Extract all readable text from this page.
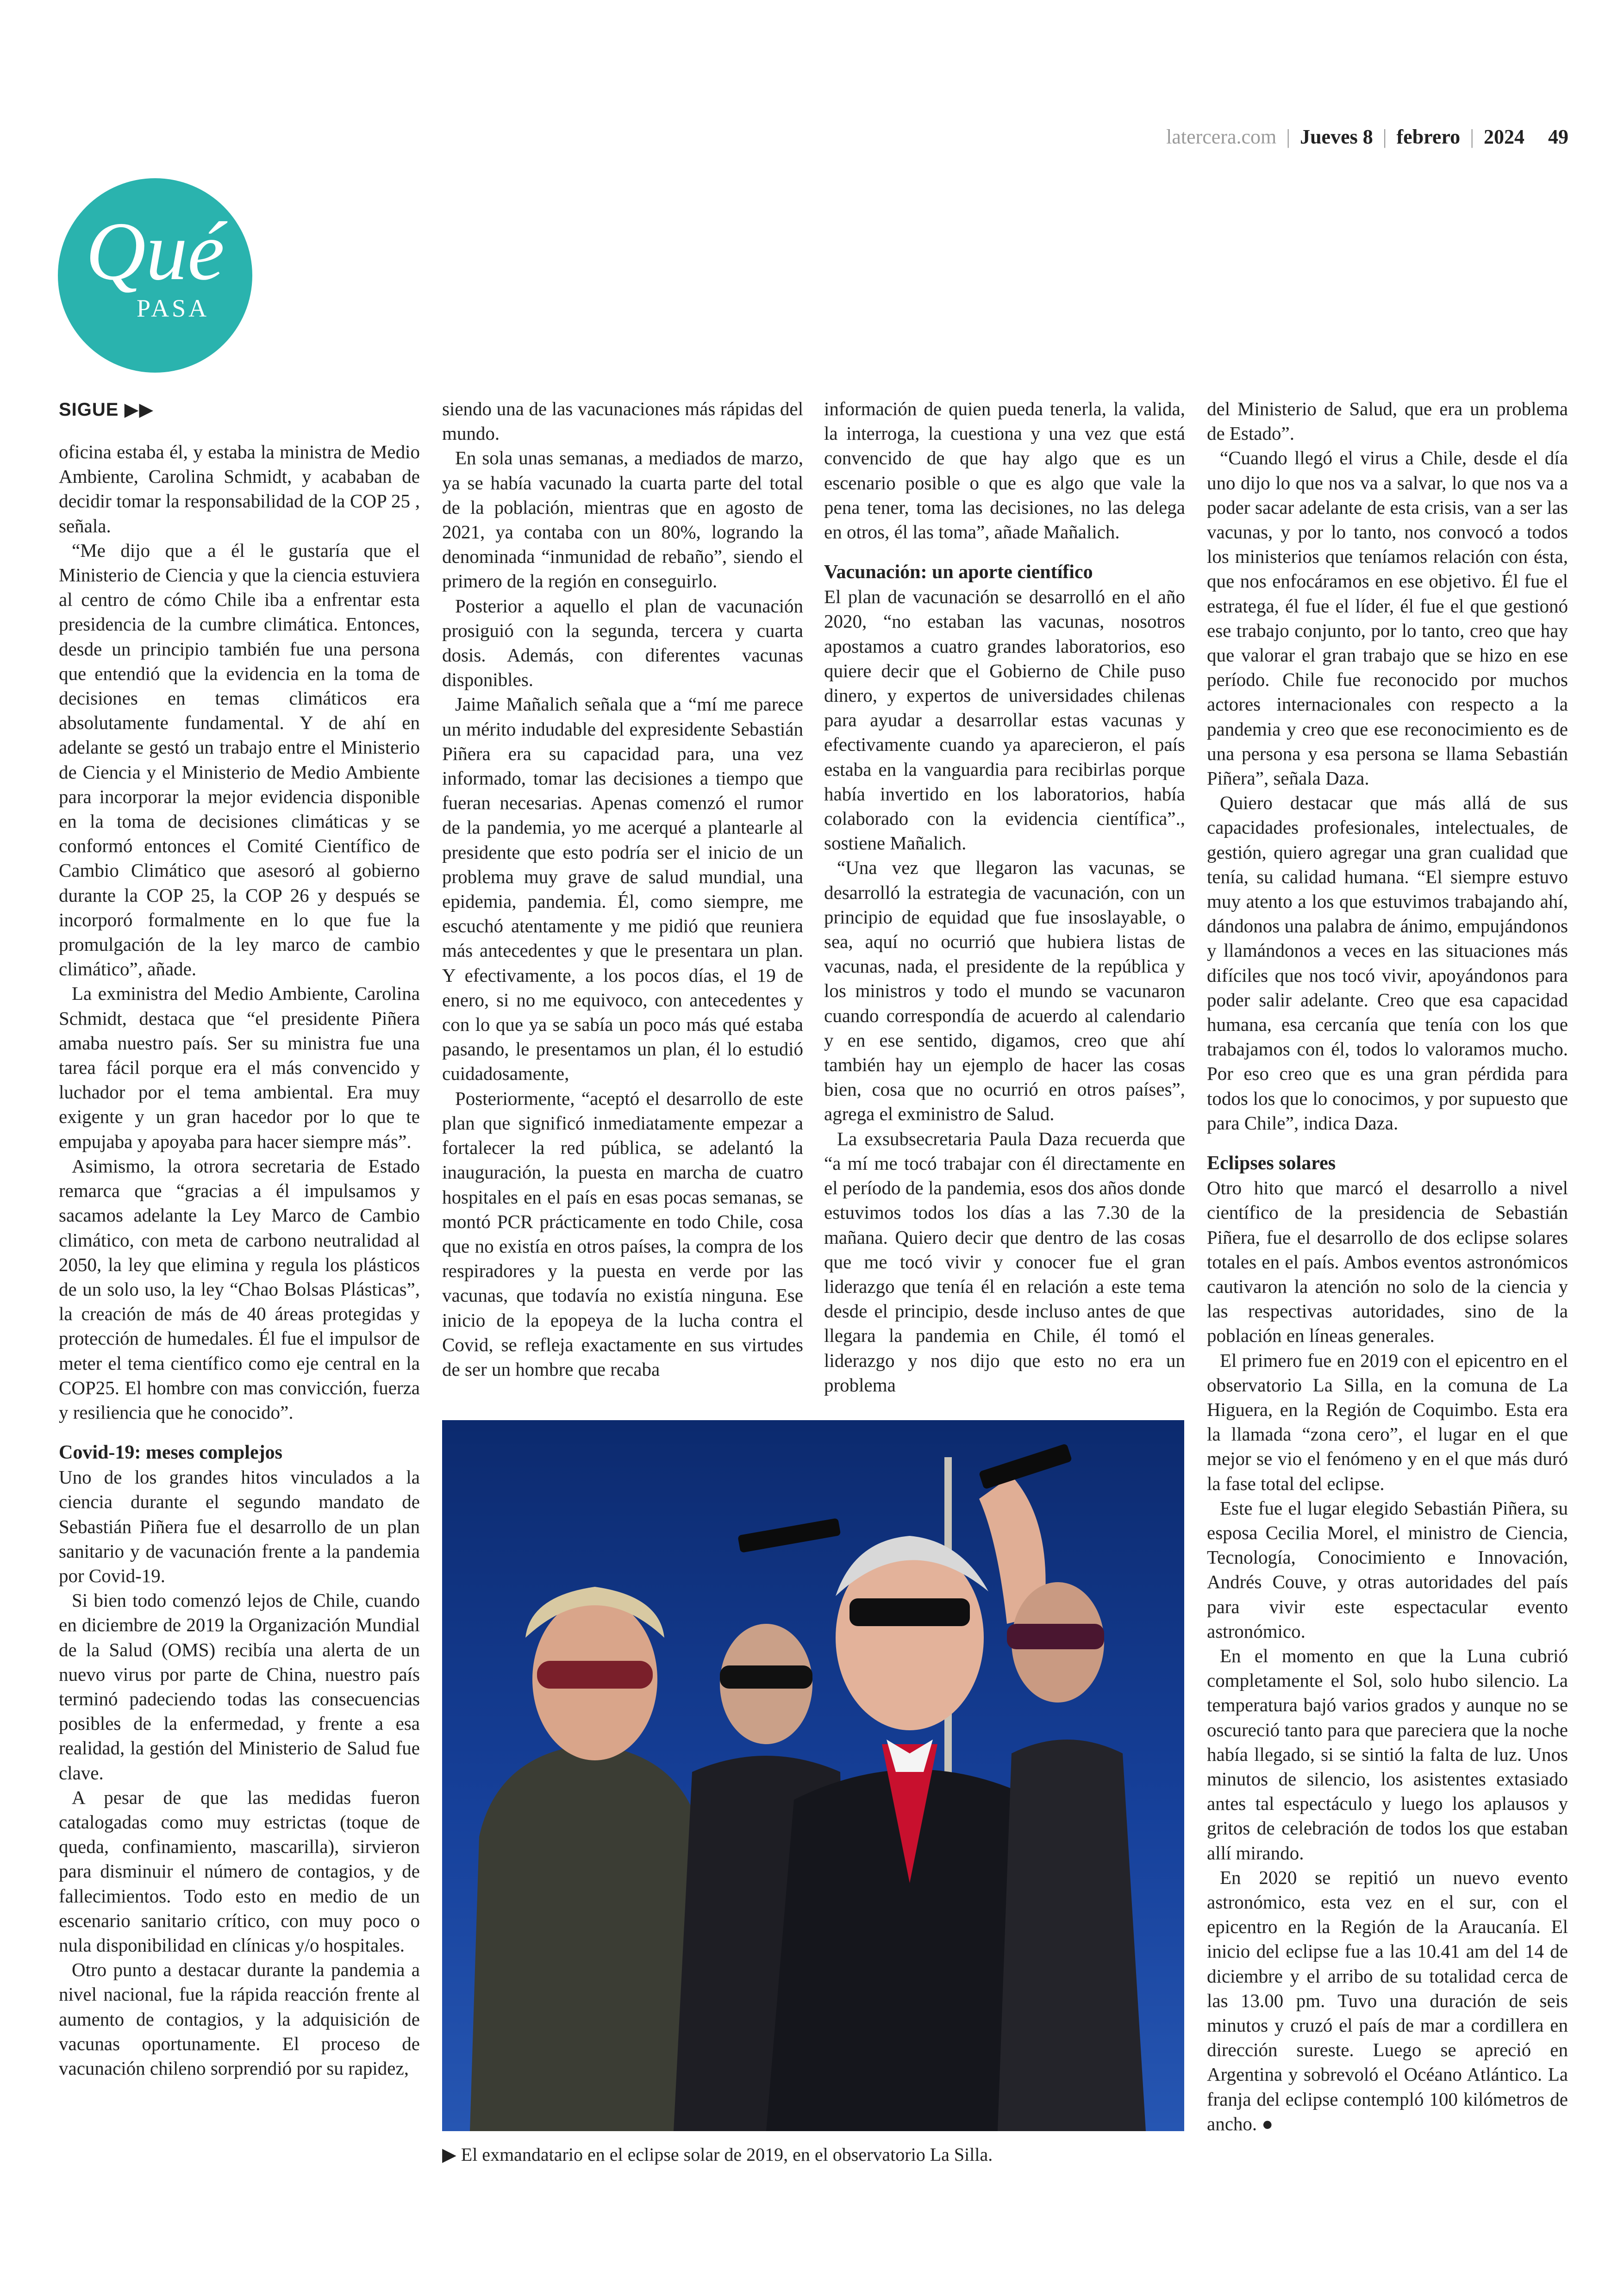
latercera.com | Jueves 8 | febrero | 2024 49
Qué
PASA
SIGUE ▶▶

oficina estaba él, y estaba la ministra de Medio Ambiente, Carolina Schmidt, y acababan de decidir tomar la responsabilidad de la COP 25 , señala.

“Me dijo que a él le gustaría que el Ministerio de Ciencia y que la ciencia estuviera al centro de cómo Chile iba a enfrentar esta presidencia de la cumbre climática. Entonces, desde un principio también fue una persona que entendió que la evidencia en la toma de decisiones en temas climáticos era absolutamente fundamental. Y de ahí en adelante se gestó un trabajo entre el Ministerio de Ciencia y el Ministerio de Medio Ambiente para incorporar la mejor evidencia disponible en la toma de decisiones climáticas y se conformó entonces el Comité Científico de Cambio Climático que asesoró al gobierno durante la COP 25, la COP 26 y después se incorporó formalmente en lo que fue la promulgación de la ley marco de cambio climático”, añade.

La exministra del Medio Ambiente, Carolina Schmidt, destaca que “el presidente Piñera amaba nuestro país. Ser su ministra fue una tarea fácil porque era el más convencido y luchador por el tema ambiental. Era muy exigente y un gran hacedor por lo que te empujaba y apoyaba para hacer siempre más”.

Asimismo, la otrora secretaria de Estado remarca que “gracias a él impulsamos y sacamos adelante la Ley Marco de Cambio climático, con meta de carbono neutralidad al 2050, la ley que elimina y regula los plásticos de un solo uso, la ley “Chao Bolsas Plásticas”, la creación de más de 40 áreas protegidas y protección de humedales. Él fue el impulsor de meter el tema científico como eje central en la COP25. El hombre con mas convicción, fuerza y resiliencia que he conocido”.

Covid-19: meses complejos

Uno de los grandes hitos vinculados a la ciencia durante el segundo mandato de Sebastián Piñera fue el desarrollo de un plan sanitario y de vacunación frente a la pandemia por Covid-19.

Si bien todo comenzó lejos de Chile, cuando en diciembre de 2019 la Organización Mundial de la Salud (OMS) recibía una alerta de un nuevo virus por parte de China, nuestro país terminó padeciendo todas las consecuencias posibles de la enfermedad, y frente a esa realidad, la gestión del Ministerio de Salud fue clave.

A pesar de que las medidas fueron catalogadas como muy estrictas (toque de queda, confinamiento, mascarilla), sirvieron para disminuir el número de contagios, y de fallecimientos. Todo esto en medio de un escenario sanitario crítico, con muy poco o nula disponibilidad en clínicas y/o hospitales.

Otro punto a destacar durante la pandemia a nivel nacional, fue la rápida reacción frente al aumento de contagios, y la adquisición de vacunas oportunamente. El proceso de vacunación chileno sorprendió por su rapidez,

siendo una de las vacunaciones más rápidas del mundo.

En sola unas semanas, a mediados de marzo, ya se había vacunado la cuarta parte del total de la población, mientras que en agosto de 2021, ya contaba con un 80%, logrando la denominada “inmunidad de rebaño”, siendo el primero de la región en conseguirlo.

Posterior a aquello el plan de vacunación prosiguió con la segunda, tercera y cuarta dosis. Además, con diferentes vacunas disponibles.

Jaime Mañalich señala que a “mí me parece un mérito indudable del expresidente Sebastián Piñera era su capacidad para, una vez informado, tomar las decisiones a tiempo que fueran necesarias. Apenas comenzó el rumor de la pandemia, yo me acerqué a plantearle al presidente que esto podría ser el inicio de un problema muy grave de salud mundial, una epidemia, pandemia. Él, como siempre, me escuchó atentamente y me pidió que reuniera más antecedentes y que le presentara un plan. Y efectivamente, a los pocos días, el 19 de enero, si no me equivoco, con antecedentes y con lo que ya se sabía un poco más qué estaba pasando, le presentamos un plan, él lo estudió cuidadosamente,

Posteriormente, “aceptó el desarrollo de este plan que significó inmediatamente empezar a fortalecer la red pública, se adelantó la inauguración, la puesta en marcha de cuatro hospitales en el país en esas pocas semanas, se montó PCR prácticamente en todo Chile, cosa que no existía en otros países, la compra de los respiradores y la puesta en verde por las vacunas, que todavía no existía ninguna. Ese inicio de la epopeya de la lucha contra el Covid, se refleja exactamente en sus virtudes de ser un hombre que recaba

información de quien pueda tenerla, la valida, la interroga, la cuestiona y una vez que está convencido de que hay algo que es un escenario posible o que es algo que vale la pena tener, toma las decisiones, no las delega en otros, él las toma”, añade Mañalich.

Vacunación: un aporte científico

El plan de vacunación se desarrolló en el año 2020, “no estaban las vacunas, nosotros apostamos a cuatro grandes laboratorios, eso quiere decir que el Gobierno de Chile puso dinero, y expertos de universidades chilenas para ayudar a desarrollar estas vacunas y efectivamente cuando ya aparecieron, el país estaba en la vanguardia para recibirlas porque había invertido en los laboratorios, había colaborado con la evidencia científica”., sostiene Mañalich.

“Una vez que llegaron las vacunas, se desarrolló la estrategia de vacunación, con un principio de equidad que fue insoslayable, o sea, aquí no ocurrió que hubiera listas de vacunas, nada, el presidente de la república y los ministros y todo el mundo se vacunaron cuando correspondía de acuerdo al calendario y en ese sentido, digamos, creo que ahí también hay un ejemplo de hacer las cosas bien, cosa que no ocurrió en otros países”, agrega el exministro de Salud.

La exsubsecretaria Paula Daza recuerda que “a mí me tocó trabajar con él directamente en el período de la pandemia, esos dos años donde estuvimos todos los días a las 7.30 de la mañana. Quiero decir que dentro de las cosas que me tocó vivir y conocer fue el gran liderazgo que tenía él en relación a este tema desde el principio, desde incluso antes de que llegara la pandemia en Chile, él tomó el liderazgo y nos dijo que esto no era un problema

del Ministerio de Salud, que era un problema de Estado”.

“Cuando llegó el virus a Chile, desde el día uno dijo lo que nos va a salvar, lo que nos va a poder sacar adelante de esta crisis, van a ser las vacunas, y por lo tanto, nos convocó a todos los ministerios que teníamos relación con ésta, que nos enfocáramos en ese objetivo. Él fue el estratega, él fue el líder, él fue el que gestionó ese trabajo conjunto, por lo tanto, creo que hay que valorar el gran trabajo que se hizo en ese período. Chile fue reconocido por muchos actores internacionales con respecto a la pandemia y creo que ese reconocimiento es de una persona y esa persona se llama Sebastián Piñera”, señala Daza.

Quiero destacar que más allá de sus capacidades profesionales, intelectuales, de gestión, quiero agregar una gran cualidad que tenía, su calidad humana. “El siempre estuvo muy atento a los que estuvimos trabajando ahí, dándonos una palabra de ánimo, empujándonos y llamándonos a veces en las situaciones más difíciles que nos tocó vivir, apoyándonos para poder salir adelante. Creo que esa capacidad humana, esa cercanía que tenía con los que trabajamos con él, todos lo valoramos mucho. Por eso creo que es una gran pérdida para todos los que lo conocimos, y por supuesto que para Chile”, indica Daza.

Eclipses solares

Otro hito que marcó el desarrollo a nivel científico de la presidencia de Sebastián Piñera, fue el desarrollo de dos eclipse solares totales en el país. Ambos eventos astronómicos cautivaron la atención no solo de la ciencia y las respectivas autoridades, sino de la población en líneas generales.

El primero fue en 2019 con el epicentro en el observatorio La Silla, en la comuna de La Higuera, en la Región de Coquimbo. Esta era la llamada “zona cero”, el lugar en el que mejor se vio el fenómeno y en el que más duró la fase total del eclipse.

Este fue el lugar elegido Sebastián Piñera, su esposa Cecilia Morel, el ministro de Ciencia, Tecnología, Conocimiento e Innovación, Andrés Couve, y otras autoridades del país para vivir este espectacular evento astronómico.

En el momento en que la Luna cubrió completamente el Sol, solo hubo silencio. La temperatura bajó varios grados y aunque no se oscureció tanto para que pareciera que la noche había llegado, si se sintió la falta de luz. Unos minutos de silencio, los asistentes extasiado antes tal espectáculo y luego los aplausos y gritos de celebración de todos los que estaban allí mirando.

En 2020 se repitió un nuevo evento astronómico, esta vez en el sur, con el epicentro en la Región de la Araucanía. El inicio del eclipse fue a las 10.41 am del 14 de diciembre y el arribo de su totalidad cerca de las 13.00 pm. Tuvo una duración de seis minutos y cruzó el país de mar a cordillera en dirección sureste. Luego se apreció en Argentina y sobrevoló el Océano Atlántico. La franja del eclipse contempló 100 kilómetros de ancho. ●

▶ El exmandatario en el eclipse solar de 2019, en el observatorio La Silla.
